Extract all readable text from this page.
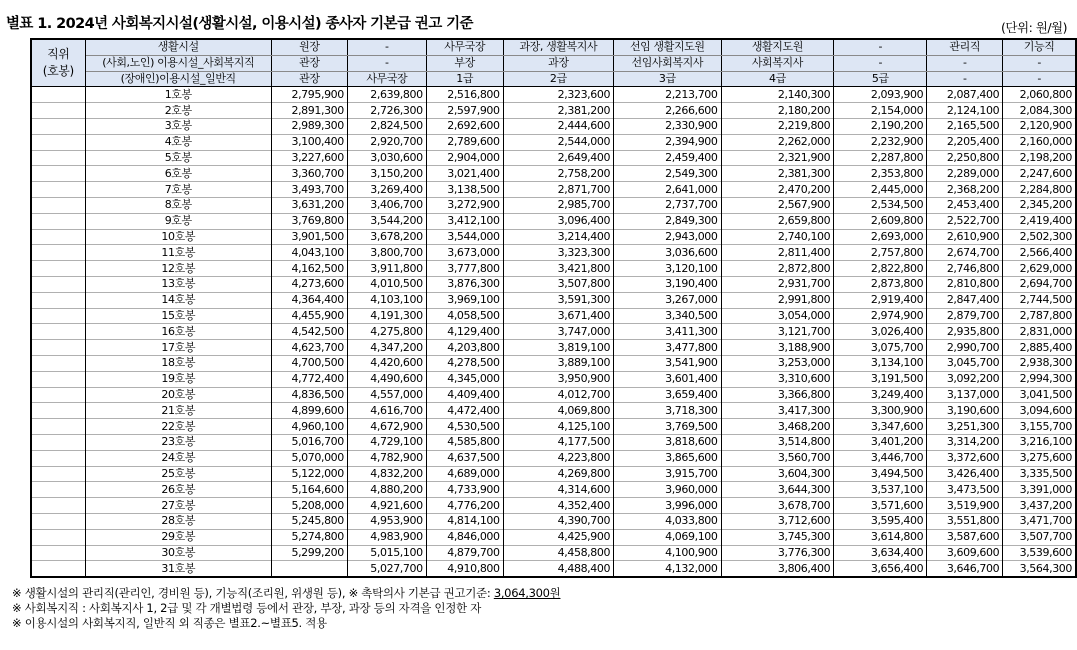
별표 1. 2024년 사회복지시설(생활시설, 이용시설) 종사자 기본급 권고 기준	(단위: 원/월)
직위
(호봉)	생활시설	원장	-	사무국장	과장, 생활복지사	선임 생활지도원	생활지도원	-	관리직	기능직
	(사회,노인) 이용시설_사회복지직	관장	-	부장	과장	선임사회복지사	사회복지사	-	-	-
	(장애인)이용시설_일반직	관장	사무국장	1급	2급	3급	4급	5급	-	-
	1호봉	2,795,900	2,639,800	2,516,800	2,323,600	2,213,700	2,140,300	2,093,900	2,087,400	2,060,800
	2호봉	2,891,300	2,726,300	2,597,900	2,381,200	2,266,600	2,180,200	2,154,000	2,124,100	2,084,300
	3호봉	2,989,300	2,824,500	2,692,600	2,444,600	2,330,900	2,219,800	2,190,200	2,165,500	2,120,900
	4호봉	3,100,400	2,920,700	2,789,600	2,544,000	2,394,900	2,262,000	2,232,900	2,205,400	2,160,000
	5호봉	3,227,600	3,030,600	2,904,000	2,649,400	2,459,400	2,321,900	2,287,800	2,250,800	2,198,200
	6호봉	3,360,700	3,150,200	3,021,400	2,758,200	2,549,300	2,381,300	2,353,800	2,289,000	2,247,600
	7호봉	3,493,700	3,269,400	3,138,500	2,871,700	2,641,000	2,470,200	2,445,000	2,368,200	2,284,800
	8호봉	3,631,200	3,406,700	3,272,900	2,985,700	2,737,700	2,567,900	2,534,500	2,453,400	2,345,200
	9호봉	3,769,800	3,544,200	3,412,100	3,096,400	2,849,300	2,659,800	2,609,800	2,522,700	2,419,400
	10호봉	3,901,500	3,678,200	3,544,000	3,214,400	2,943,000	2,740,100	2,693,000	2,610,900	2,502,300
	11호봉	4,043,100	3,800,700	3,673,000	3,323,300	3,036,600	2,811,400	2,757,800	2,674,700	2,566,400
	12호봉	4,162,500	3,911,800	3,777,800	3,421,800	3,120,100	2,872,800	2,822,800	2,746,800	2,629,000
	13호봉	4,273,600	4,010,500	3,876,300	3,507,800	3,190,400	2,931,700	2,873,800	2,810,800	2,694,700
	14호봉	4,364,400	4,103,100	3,969,100	3,591,300	3,267,000	2,991,800	2,919,400	2,847,400	2,744,500
	15호봉	4,455,900	4,191,300	4,058,500	3,671,400	3,340,500	3,054,000	2,974,900	2,879,700	2,787,800
	16호봉	4,542,500	4,275,800	4,129,400	3,747,000	3,411,300	3,121,700	3,026,400	2,935,800	2,831,000
	17호봉	4,623,700	4,347,200	4,203,800	3,819,100	3,477,800	3,188,900	3,075,700	2,990,700	2,885,400
	18호봉	4,700,500	4,420,600	4,278,500	3,889,100	3,541,900	3,253,000	3,134,100	3,045,700	2,938,300
	19호봉	4,772,400	4,490,600	4,345,000	3,950,900	3,601,400	3,310,600	3,191,500	3,092,200	2,994,300
	20호봉	4,836,500	4,557,000	4,409,400	4,012,700	3,659,400	3,366,800	3,249,400	3,137,000	3,041,500
	21호봉	4,899,600	4,616,700	4,472,400	4,069,800	3,718,300	3,417,300	3,300,900	3,190,600	3,094,600
	22호봉	4,960,100	4,672,900	4,530,500	4,125,100	3,769,500	3,468,200	3,347,600	3,251,300	3,155,700
	23호봉	5,016,700	4,729,100	4,585,800	4,177,500	3,818,600	3,514,800	3,401,200	3,314,200	3,216,100
	24호봉	5,070,000	4,782,900	4,637,500	4,223,800	3,865,600	3,560,700	3,446,700	3,372,600	3,275,600
	25호봉	5,122,000	4,832,200	4,689,000	4,269,800	3,915,700	3,604,300	3,494,500	3,426,400	3,335,500
	26호봉	5,164,600	4,880,200	4,733,900	4,314,600	3,960,000	3,644,300	3,537,100	3,473,500	3,391,000
	27호봉	5,208,000	4,921,600	4,776,200	4,352,400	3,996,000	3,678,700	3,571,600	3,519,900	3,437,200
	28호봉	5,245,800	4,953,900	4,814,100	4,390,700	4,033,800	3,712,600	3,595,400	3,551,800	3,471,700
	29호봉	5,274,800	4,983,900	4,846,000	4,425,900	4,069,100	3,745,300	3,614,800	3,587,600	3,507,700
	30호봉	5,299,200	5,015,100	4,879,700	4,458,800	4,100,900	3,776,300	3,634,400	3,609,600	3,539,600
	31호봉		5,027,700	4,910,800	4,488,400	4,132,000	3,806,400	3,656,400	3,646,700	3,564,300
※ 생활시설의 관리직(관리인, 경비원 등), 기능직(조리원, 위생원 등), ※ 촉탁의사 기본급 권고기준: 3,064,300원
※ 사회복지직 : 사회복지사 1, 2급 및 각 개별법령 등에서 관장, 부장, 과장 등의 자격을 인정한 자
※ 이용시설의 사회복지직, 일반직 외 직종은 별표2.~별표5. 적용
